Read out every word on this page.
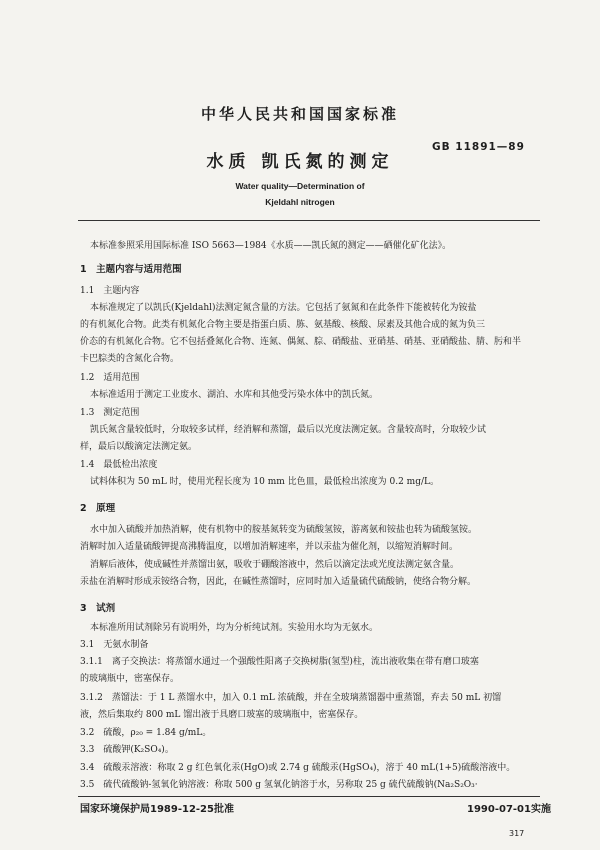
中华人民共和国国家标准
GB 11891—89
水质 凯氏氮的测定
Water quality—Determination of
Kjeldahl nitrogen
本标准参照采用国际标准 ISO 5663—1984《水质——凯氏氮的测定——硒催化矿化法》。
1　主题内容与适用范围
1.1　主题内容
本标准规定了以凯氏(Kjeldahl)法测定氮含量的方法。它包括了氨氮和在此条件下能被转化为铵盐
的有机氮化合物。此类有机氮化合物主要是指蛋白质、胨、氨基酸、核酸、尿素及其他合成的氮为负三
价态的有机氮化合物。它不包括叠氮化合物、连氮、偶氮、腙、硝酸盐、亚硝基、硝基、亚硝酸盐、腈、肟和半
卡巴腙类的含氮化合物。
1.2　适用范围
本标准适用于测定工业废水、湖泊、水库和其他受污染水体中的凯氏氮。
1.3　测定范围
凯氏氮含量较低时，分取较多试样，经消解和蒸馏，最后以光度法测定氨。含量较高时，分取较少试
样，最后以酸滴定法测定氨。
1.4　最低检出浓度
试料体积为 50 mL 时，使用光程长度为 10 mm 比色皿，最低检出浓度为 0.2 mg/L。
2　原理
水中加入硫酸并加热消解，使有机物中的胺基氮转变为硫酸氢铵，游离氨和铵盐也转为硫酸氢铵。
消解时加入适量硫酸钾提高沸腾温度，以增加消解速率，并以汞盐为催化剂，以缩短消解时间。
消解后液体，使成碱性并蒸馏出氨，吸收于硼酸溶液中，然后以滴定法或光度法测定氨含量。
汞盐在消解时形成汞铵络合物，因此，在碱性蒸馏时，应同时加入适量硫代硫酸钠，使络合物分解。
3　试剂
本标准所用试剂除另有说明外，均为分析纯试剂。实验用水均为无氨水。
3.1　无氨水制备
3.1.1　离子交换法：将蒸馏水通过一个强酸性阳离子交换树脂(氢型)柱，流出液收集在带有磨口玻塞
的玻璃瓶中，密塞保存。
3.1.2　蒸馏法：于 1 L 蒸馏水中，加入 0.1 mL 浓硫酸，并在全玻璃蒸馏器中重蒸馏，弃去 50 mL 初馏
液，然后集取约 800 mL 馏出液于具磨口玻塞的玻璃瓶中，密塞保存。
3.2　硫酸，ρ₂₀ = 1.84 g/mL。
3.3　硫酸钾(K₂SO₄)。
3.4　硫酸汞溶液：称取 2 g 红色氧化汞(HgO)或 2.74 g 硫酸汞(HgSO₄)，溶于 40 mL(1+5)硫酸溶液中。
3.5　硫代硫酸钠-氢氧化钠溶液：称取 500 g 氢氧化钠溶于水，另称取 25 g 硫代硫酸钠(Na₂S₂O₃·
国家环境保护局1989-12-25批准	1990-07-01实施
317
